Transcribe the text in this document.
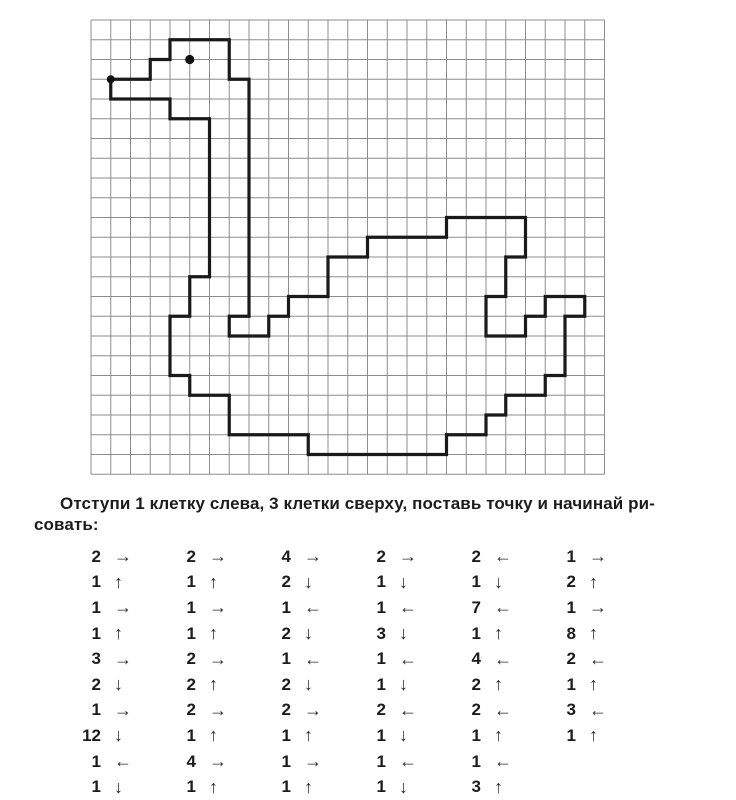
Отступи 1 клетку слева, 3 клетки сверху, поставь точку и начинай ри-
совать:

2 →	2 →	4 →	2 →	2 ←	1 →
1 ↑	1 ↑	2 ↓	1 ↓	1 ↓	2 ↑
1 →	1 →	1 ←	1 ←	7 ←	1 →
1 ↑	1 ↑	2 ↓	3 ↓	1 ↑	8 ↑
3 →	2 →	1 ←	1 ←	4 ←	2 ←
2 ↓	2 ↑	2 ↓	1 ↓	2 ↑	1 ↑
1 →	2 →	2 →	2 ←	2 ←	3 ←
12 ↓	1 ↑	1 ↑	1 ↓	1 ↑	1 ↑
1 ←	4 →	1 →	1 ←	1 ←
1 ↓	1 ↑	1 ↑	1 ↓	3 ↑
